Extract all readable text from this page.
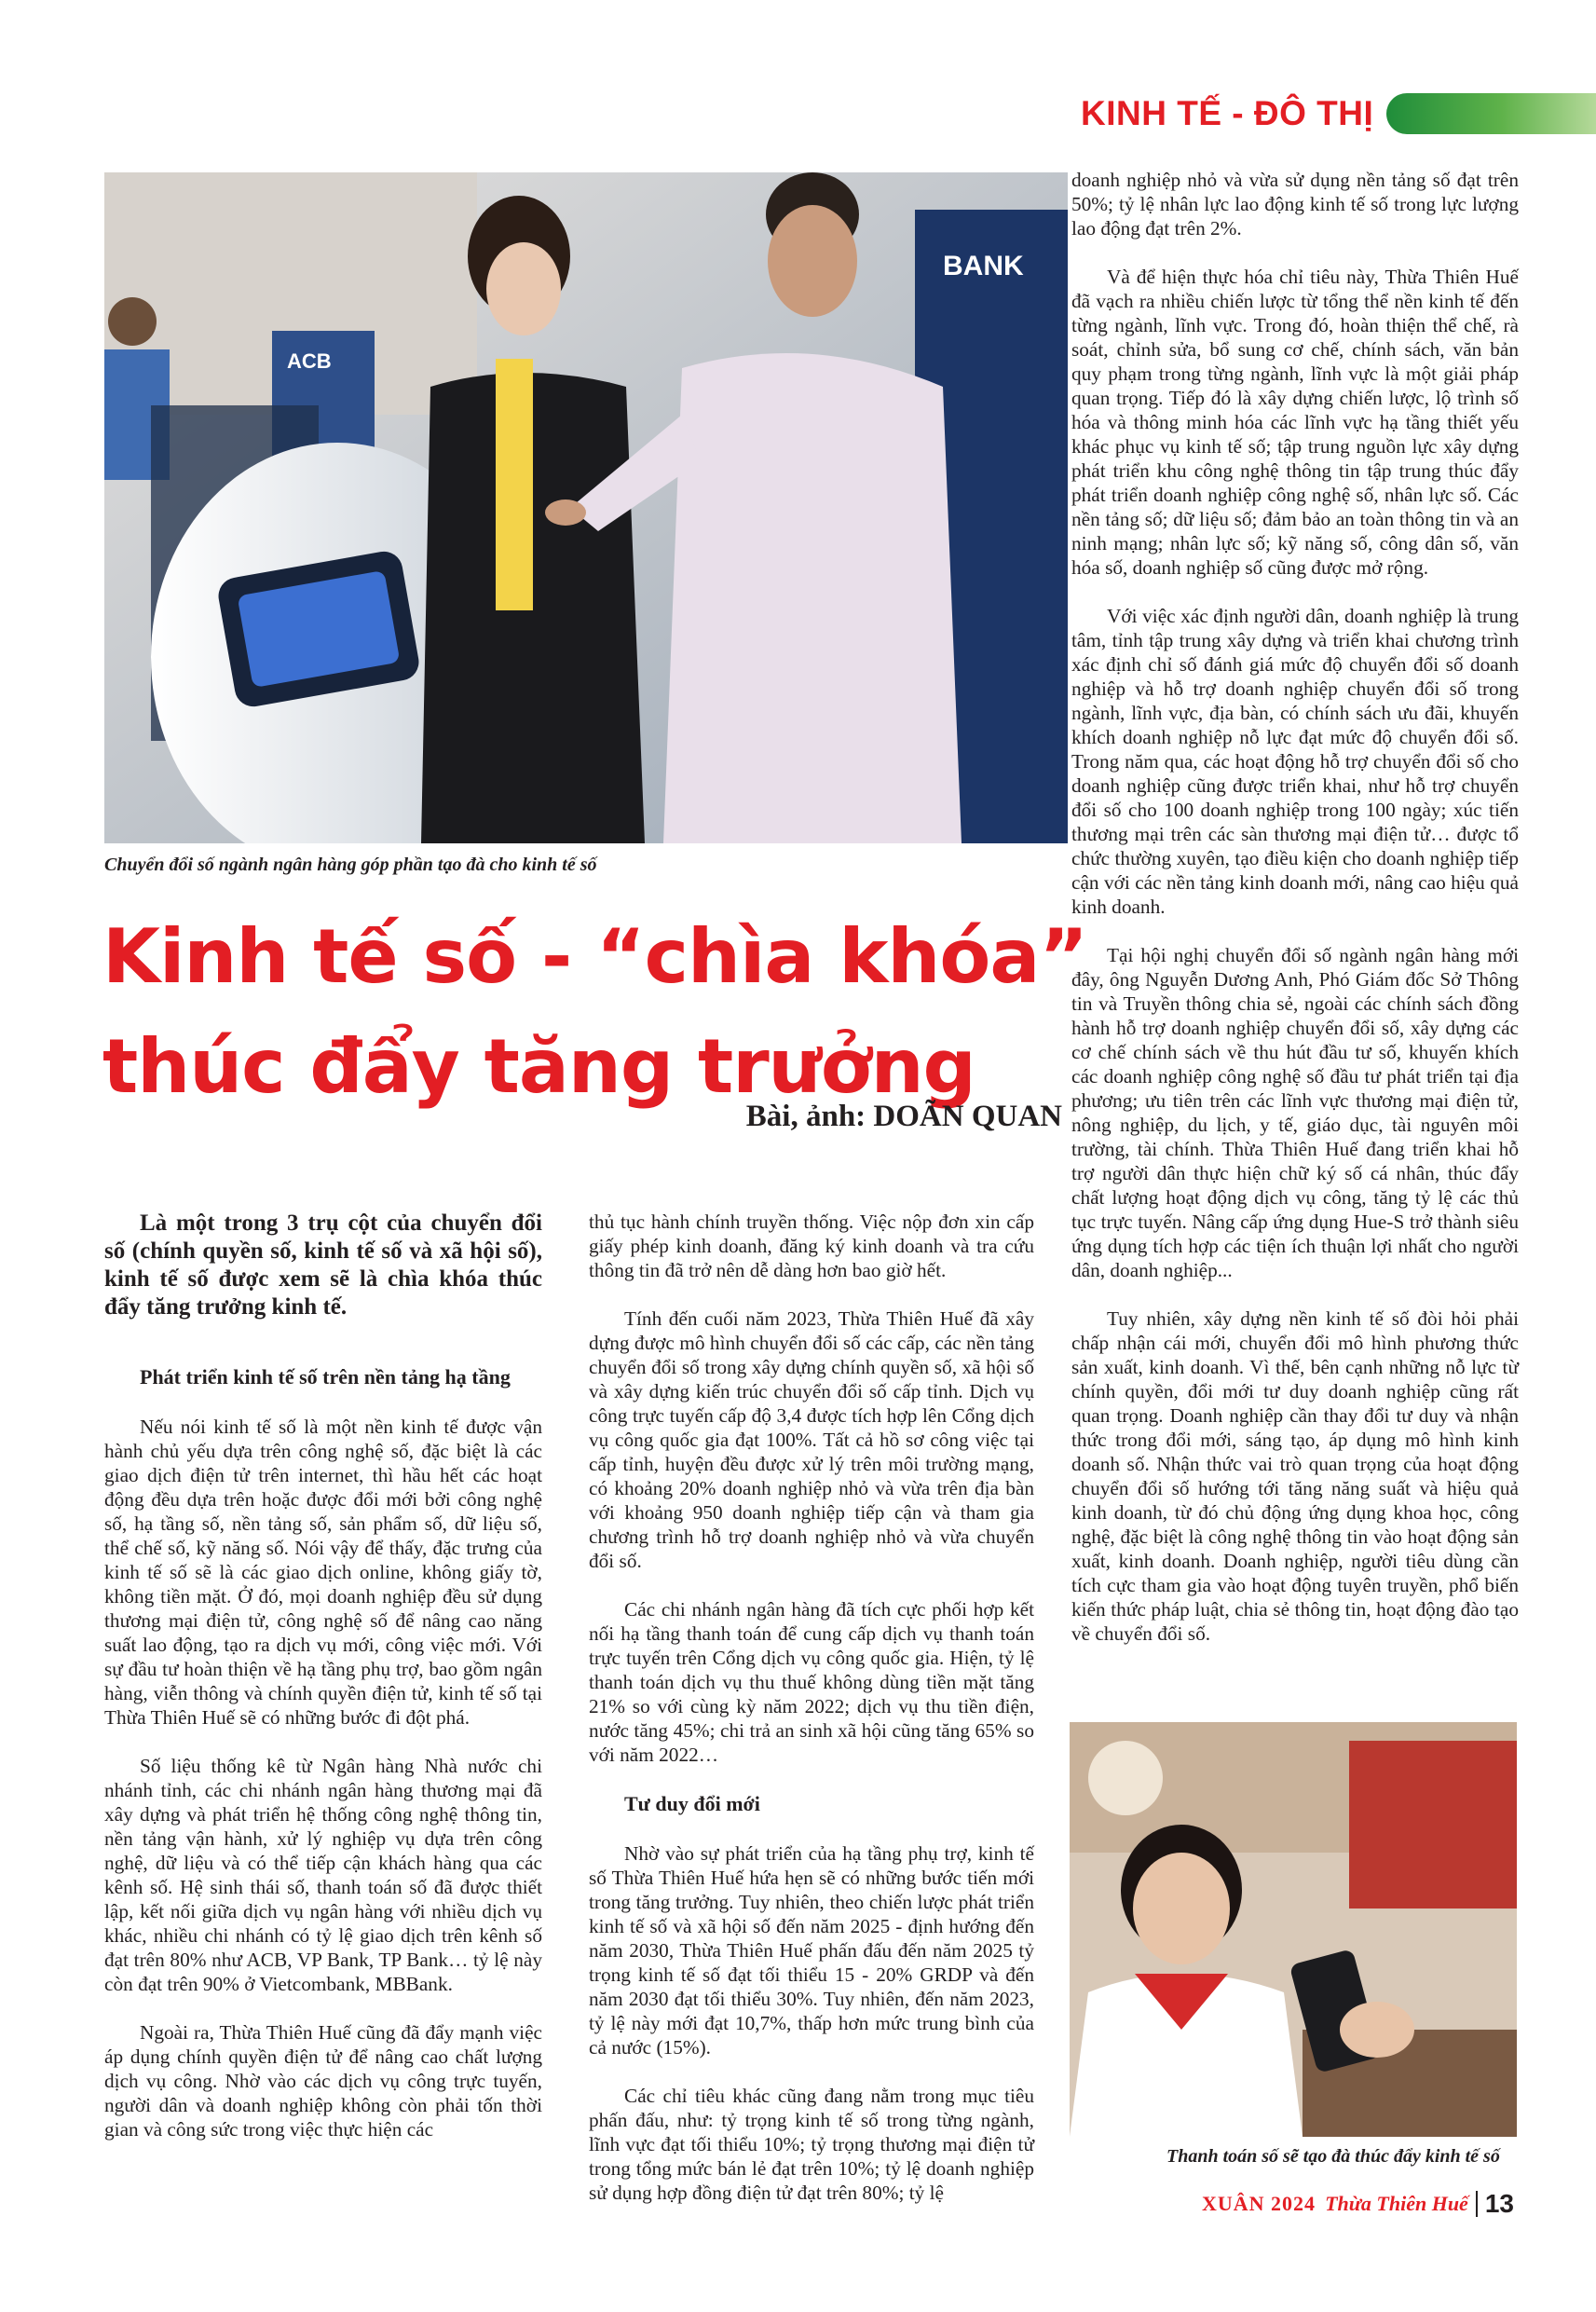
KINH TẾ - ĐÔ THỊ
BANK
ACB
Chuyển đổi số ngành ngân hàng góp phần tạo đà cho kinh tế số
Kinh tế số - “chìa khóa”
thúc đẩy tăng trưởng
Bài, ảnh: DOÃN QUAN

Là một trong 3 trụ cột của chuyển đổi số (chính quyền số, kinh tế số và xã hội số), kinh tế số được xem sẽ là chìa khóa thúc đẩy tăng trưởng kinh tế.

Phát triển kinh tế số trên nền tảng hạ tầng

Nếu nói kinh tế số là một nền kinh tế được vận hành chủ yếu dựa trên công nghệ số, đặc biệt là các giao dịch điện tử trên internet, thì hầu hết các hoạt động đều dựa trên hoặc được đổi mới bởi công nghệ số, hạ tầng số, nền tảng số, sản phẩm số, dữ liệu số, thể chế số, kỹ năng số. Nói vậy để thấy, đặc trưng của kinh tế số sẽ là các giao dịch online, không giấy tờ, không tiền mặt. Ở đó, mọi doanh nghiệp đều sử dụng thương mại điện tử, công nghệ số để nâng cao năng suất lao động, tạo ra dịch vụ mới, công việc mới. Với sự đầu tư hoàn thiện về hạ tầng phụ trợ, bao gồm ngân hàng, viễn thông và chính quyền điện tử, kinh tế số tại Thừa Thiên Huế sẽ có những bước đi đột phá.

Số liệu thống kê từ Ngân hàng Nhà nước chi nhánh tỉnh, các chi nhánh ngân hàng thương mại đã xây dựng và phát triển hệ thống công nghệ thông tin, nền tảng vận hành, xử lý nghiệp vụ dựa trên công nghệ, dữ liệu và có thể tiếp cận khách hàng qua các kênh số. Hệ sinh thái số, thanh toán số đã được thiết lập, kết nối giữa dịch vụ ngân hàng với nhiều dịch vụ khác, nhiều chi nhánh có tỷ lệ giao dịch trên kênh số đạt trên 80% như ACB, VP Bank, TP Bank… tỷ lệ này còn đạt trên 90% ở Vietcombank, MBBank.

Ngoài ra, Thừa Thiên Huế cũng đã đẩy mạnh việc áp dụng chính quyền điện tử để nâng cao chất lượng dịch vụ công. Nhờ vào các dịch vụ công trực tuyến, người dân và doanh nghiệp không còn phải tốn thời gian và công sức trong việc thực hiện các

thủ tục hành chính truyền thống. Việc nộp đơn xin cấp giấy phép kinh doanh, đăng ký kinh doanh và tra cứu thông tin đã trở nên dễ dàng hơn bao giờ hết.

Tính đến cuối năm 2023, Thừa Thiên Huế đã xây dựng được mô hình chuyển đổi số các cấp, các nền tảng chuyển đổi số trong xây dựng chính quyền số, xã hội số và xây dựng kiến trúc chuyển đổi số cấp tỉnh. Dịch vụ công trực tuyến cấp độ 3,4 được tích hợp lên Cổng dịch vụ công quốc gia đạt 100%. Tất cả hồ sơ công việc tại cấp tỉnh, huyện đều được xử lý trên môi trường mạng, có khoảng 20% doanh nghiệp nhỏ và vừa trên địa bàn với khoảng 950 doanh nghiệp tiếp cận và tham gia chương trình hỗ trợ doanh nghiệp nhỏ và vừa chuyển đổi số.

Các chi nhánh ngân hàng đã tích cực phối hợp kết nối hạ tầng thanh toán để cung cấp dịch vụ thanh toán trực tuyến trên Cổng dịch vụ công quốc gia. Hiện, tỷ lệ thanh toán dịch vụ thu thuế không dùng tiền mặt tăng 21% so với cùng kỳ năm 2022; dịch vụ thu tiền điện, nước tăng 45%; chi trả an sinh xã hội cũng tăng 65% so với năm 2022…

Tư duy đổi mới

Nhờ vào sự phát triển của hạ tầng phụ trợ, kinh tế số Thừa Thiên Huế hứa hẹn sẽ có những bước tiến mới trong tăng trưởng. Tuy nhiên, theo chiến lược phát triển kinh tế số và xã hội số đến năm 2025 - định hướng đến năm 2030, Thừa Thiên Huế phấn đấu đến năm 2025 tỷ trọng kinh tế số đạt tối thiểu 15 - 20% GRDP và đến năm 2030 đạt tối thiểu 30%. Tuy nhiên, đến năm 2023, tỷ lệ này mới đạt 10,7%, thấp hơn mức trung bình của cả nước (15%).

Các chỉ tiêu khác cũng đang nằm trong mục tiêu phấn đấu, như: tỷ trọng kinh tế số trong từng ngành, lĩnh vực đạt tối thiểu 10%; tỷ trọng thương mại điện tử trong tổng mức bán lẻ đạt trên 10%; tỷ lệ doanh nghiệp sử dụng hợp đồng điện tử đạt trên 80%; tỷ lệ

doanh nghiệp nhỏ và vừa sử dụng nền tảng số đạt trên 50%; tỷ lệ nhân lực lao động kinh tế số trong lực lượng lao động đạt trên 2%.

Và để hiện thực hóa chỉ tiêu này, Thừa Thiên Huế đã vạch ra nhiều chiến lược từ tổng thể nền kinh tế đến từng ngành, lĩnh vực. Trong đó, hoàn thiện thể chế, rà soát, chỉnh sửa, bổ sung cơ chế, chính sách, văn bản quy phạm trong từng ngành, lĩnh vực là một giải pháp quan trọng. Tiếp đó là xây dựng chiến lược, lộ trình số hóa và thông minh hóa các lĩnh vực hạ tầng thiết yếu khác phục vụ kinh tế số; tập trung nguồn lực xây dựng phát triển khu công nghệ thông tin tập trung thúc đẩy phát triển doanh nghiệp công nghệ số, nhân lực số. Các nền tảng số; dữ liệu số; đảm bảo an toàn thông tin và an ninh mạng; nhân lực số; kỹ năng số, công dân số, văn hóa số, doanh nghiệp số cũng được mở rộng.

Với việc xác định người dân, doanh nghiệp là trung tâm, tỉnh tập trung xây dựng và triển khai chương trình xác định chỉ số đánh giá mức độ chuyển đổi số doanh nghiệp và hỗ trợ doanh nghiệp chuyển đổi số trong ngành, lĩnh vực, địa bàn, có chính sách ưu đãi, khuyến khích doanh nghiệp nỗ lực đạt mức độ chuyển đổi số. Trong năm qua, các hoạt động hỗ trợ chuyển đổi số cho doanh nghiệp cũng được triển khai, như hỗ trợ chuyển đổi số cho 100 doanh nghiệp trong 100 ngày; xúc tiến thương mại trên các sàn thương mại điện tử… được tổ chức thường xuyên, tạo điều kiện cho doanh nghiệp tiếp cận với các nền tảng kinh doanh mới, nâng cao hiệu quả kinh doanh.

Tại hội nghị chuyển đổi số ngành ngân hàng mới đây, ông Nguyễn Dương Anh, Phó Giám đốc Sở Thông tin và Truyền thông chia sẻ, ngoài các chính sách đồng hành hỗ trợ doanh nghiệp chuyển đổi số, xây dựng các cơ chế chính sách về thu hút đầu tư số, khuyến khích các doanh nghiệp công nghệ số đầu tư phát triển tại địa phương; ưu tiên trên các lĩnh vực thương mại điện tử, nông nghiệp, du lịch, y tế, giáo dục, tài nguyên môi trường, tài chính. Thừa Thiên Huế đang triển khai hỗ trợ người dân thực hiện chữ ký số cá nhân, thúc đẩy chất lượng hoạt động dịch vụ công, tăng tỷ lệ các thủ tục trực tuyến. Nâng cấp ứng dụng Hue-S trở thành siêu ứng dụng tích hợp các tiện ích thuận lợi nhất cho người dân, doanh nghiệp...

Tuy nhiên, xây dựng nền kinh tế số đòi hỏi phải chấp nhận cái mới, chuyển đổi mô hình phương thức sản xuất, kinh doanh. Vì thế, bên cạnh những nỗ lực từ chính quyền, đổi mới tư duy doanh nghiệp cũng rất quan trọng. Doanh nghiệp cần thay đổi tư duy và nhận thức trong đổi mới, sáng tạo, áp dụng mô hình kinh doanh số. Nhận thức vai trò quan trọng của hoạt động chuyển đổi số hướng tới tăng năng suất và hiệu quả kinh doanh, từ đó chủ động ứng dụng khoa học, công nghệ, đặc biệt là công nghệ thông tin vào hoạt động sản xuất, kinh doanh. Doanh nghiệp, người tiêu dùng cần tích cực tham gia vào hoạt động tuyên truyền, phổ biến kiến thức pháp luật, chia sẻ thông tin, hoạt động đào tạo về chuyển đổi số.

Thanh toán số sẽ tạo đà thúc đẩy kinh tế số
XUÂN 2024 Thừa Thiên Huế 13
